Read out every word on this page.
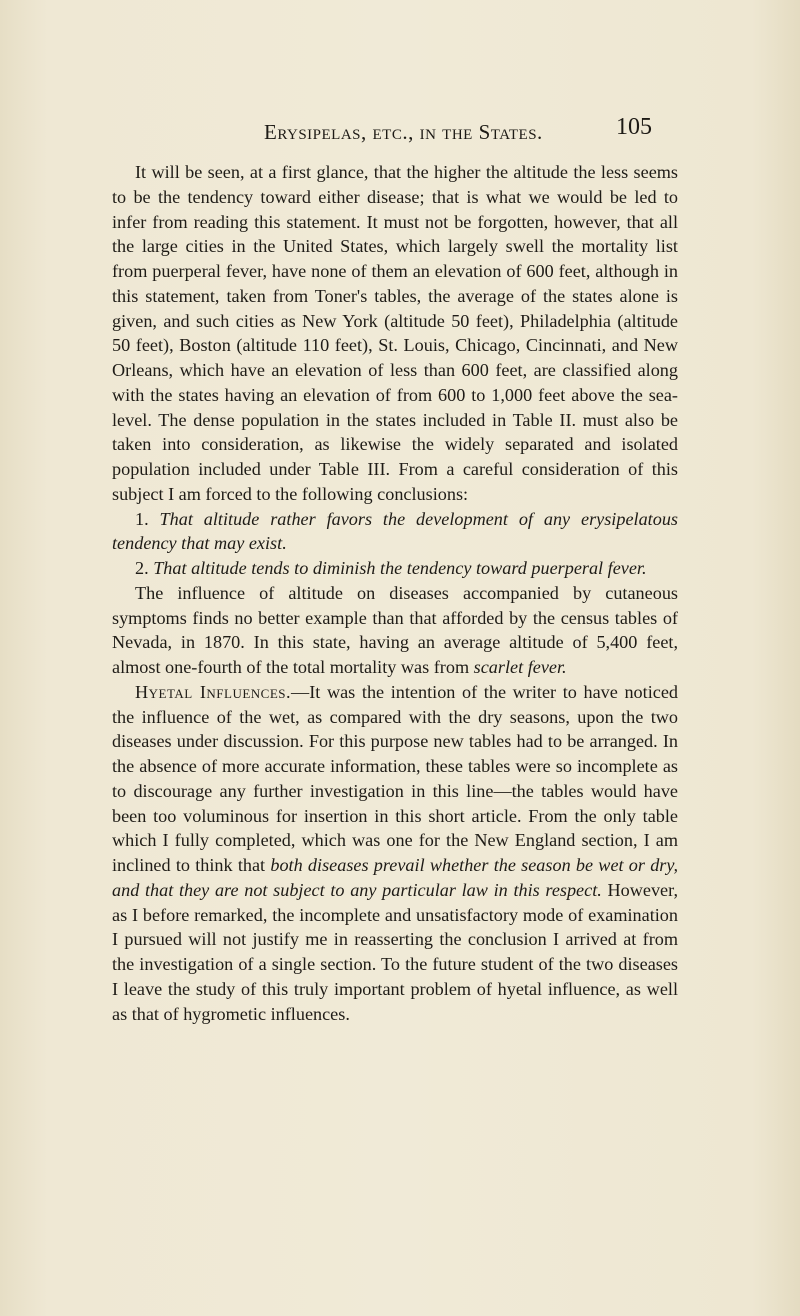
Erysipelas, etc., in the States.	105

It will be seen, at a first glance, that the higher the altitude the less seems to be the tendency toward either disease; that is what we would be led to infer from reading this statement. It must not be forgotten, however, that all the large cities in the United States, which largely swell the mortality list from puerperal fever, have none of them an elevation of 600 feet, although in this statement, taken from Toner's tables, the average of the states alone is given, and such cities as New York (altitude 50 feet), Philadelphia (altitude 50 feet), Boston (altitude 110 feet), St. Louis, Chicago, Cincinnati, and New Orleans, which have an elevation of less than 600 feet, are classified along with the states having an elevation of from 600 to 1,000 feet above the sea-level. The dense population in the states included in Table II. must also be taken into consideration, as likewise the widely separated and isolated population included under Table III. From a careful consideration of this subject I am forced to the following conclusions:

1. That altitude rather favors the development of any erysipelatous tendency that may exist.

2. That altitude tends to diminish the tendency toward puerperal fever.

The influence of altitude on diseases accompanied by cutaneous symptoms finds no better example than that afforded by the census tables of Nevada, in 1870. In this state, having an average altitude of 5,400 feet, almost one-fourth of the total mortality was from scarlet fever.

Hyetal Influences.—It was the intention of the writer to have noticed the influence of the wet, as compared with the dry seasons, upon the two diseases under discussion. For this purpose new tables had to be arranged. In the absence of more accurate information, these tables were so incomplete as to discourage any further investigation in this line—the tables would have been too voluminous for insertion in this short article. From the only table which I fully completed, which was one for the New England section, I am inclined to think that both diseases prevail whether the season be wet or dry, and that they are not subject to any particular law in this respect. However, as I before remarked, the incomplete and unsatisfactory mode of examination I pursued will not justify me in reasserting the conclusion I arrived at from the investigation of a single section. To the future student of the two diseases I leave the study of this truly important problem of hyetal influence, as well as that of hygrometic influences.
